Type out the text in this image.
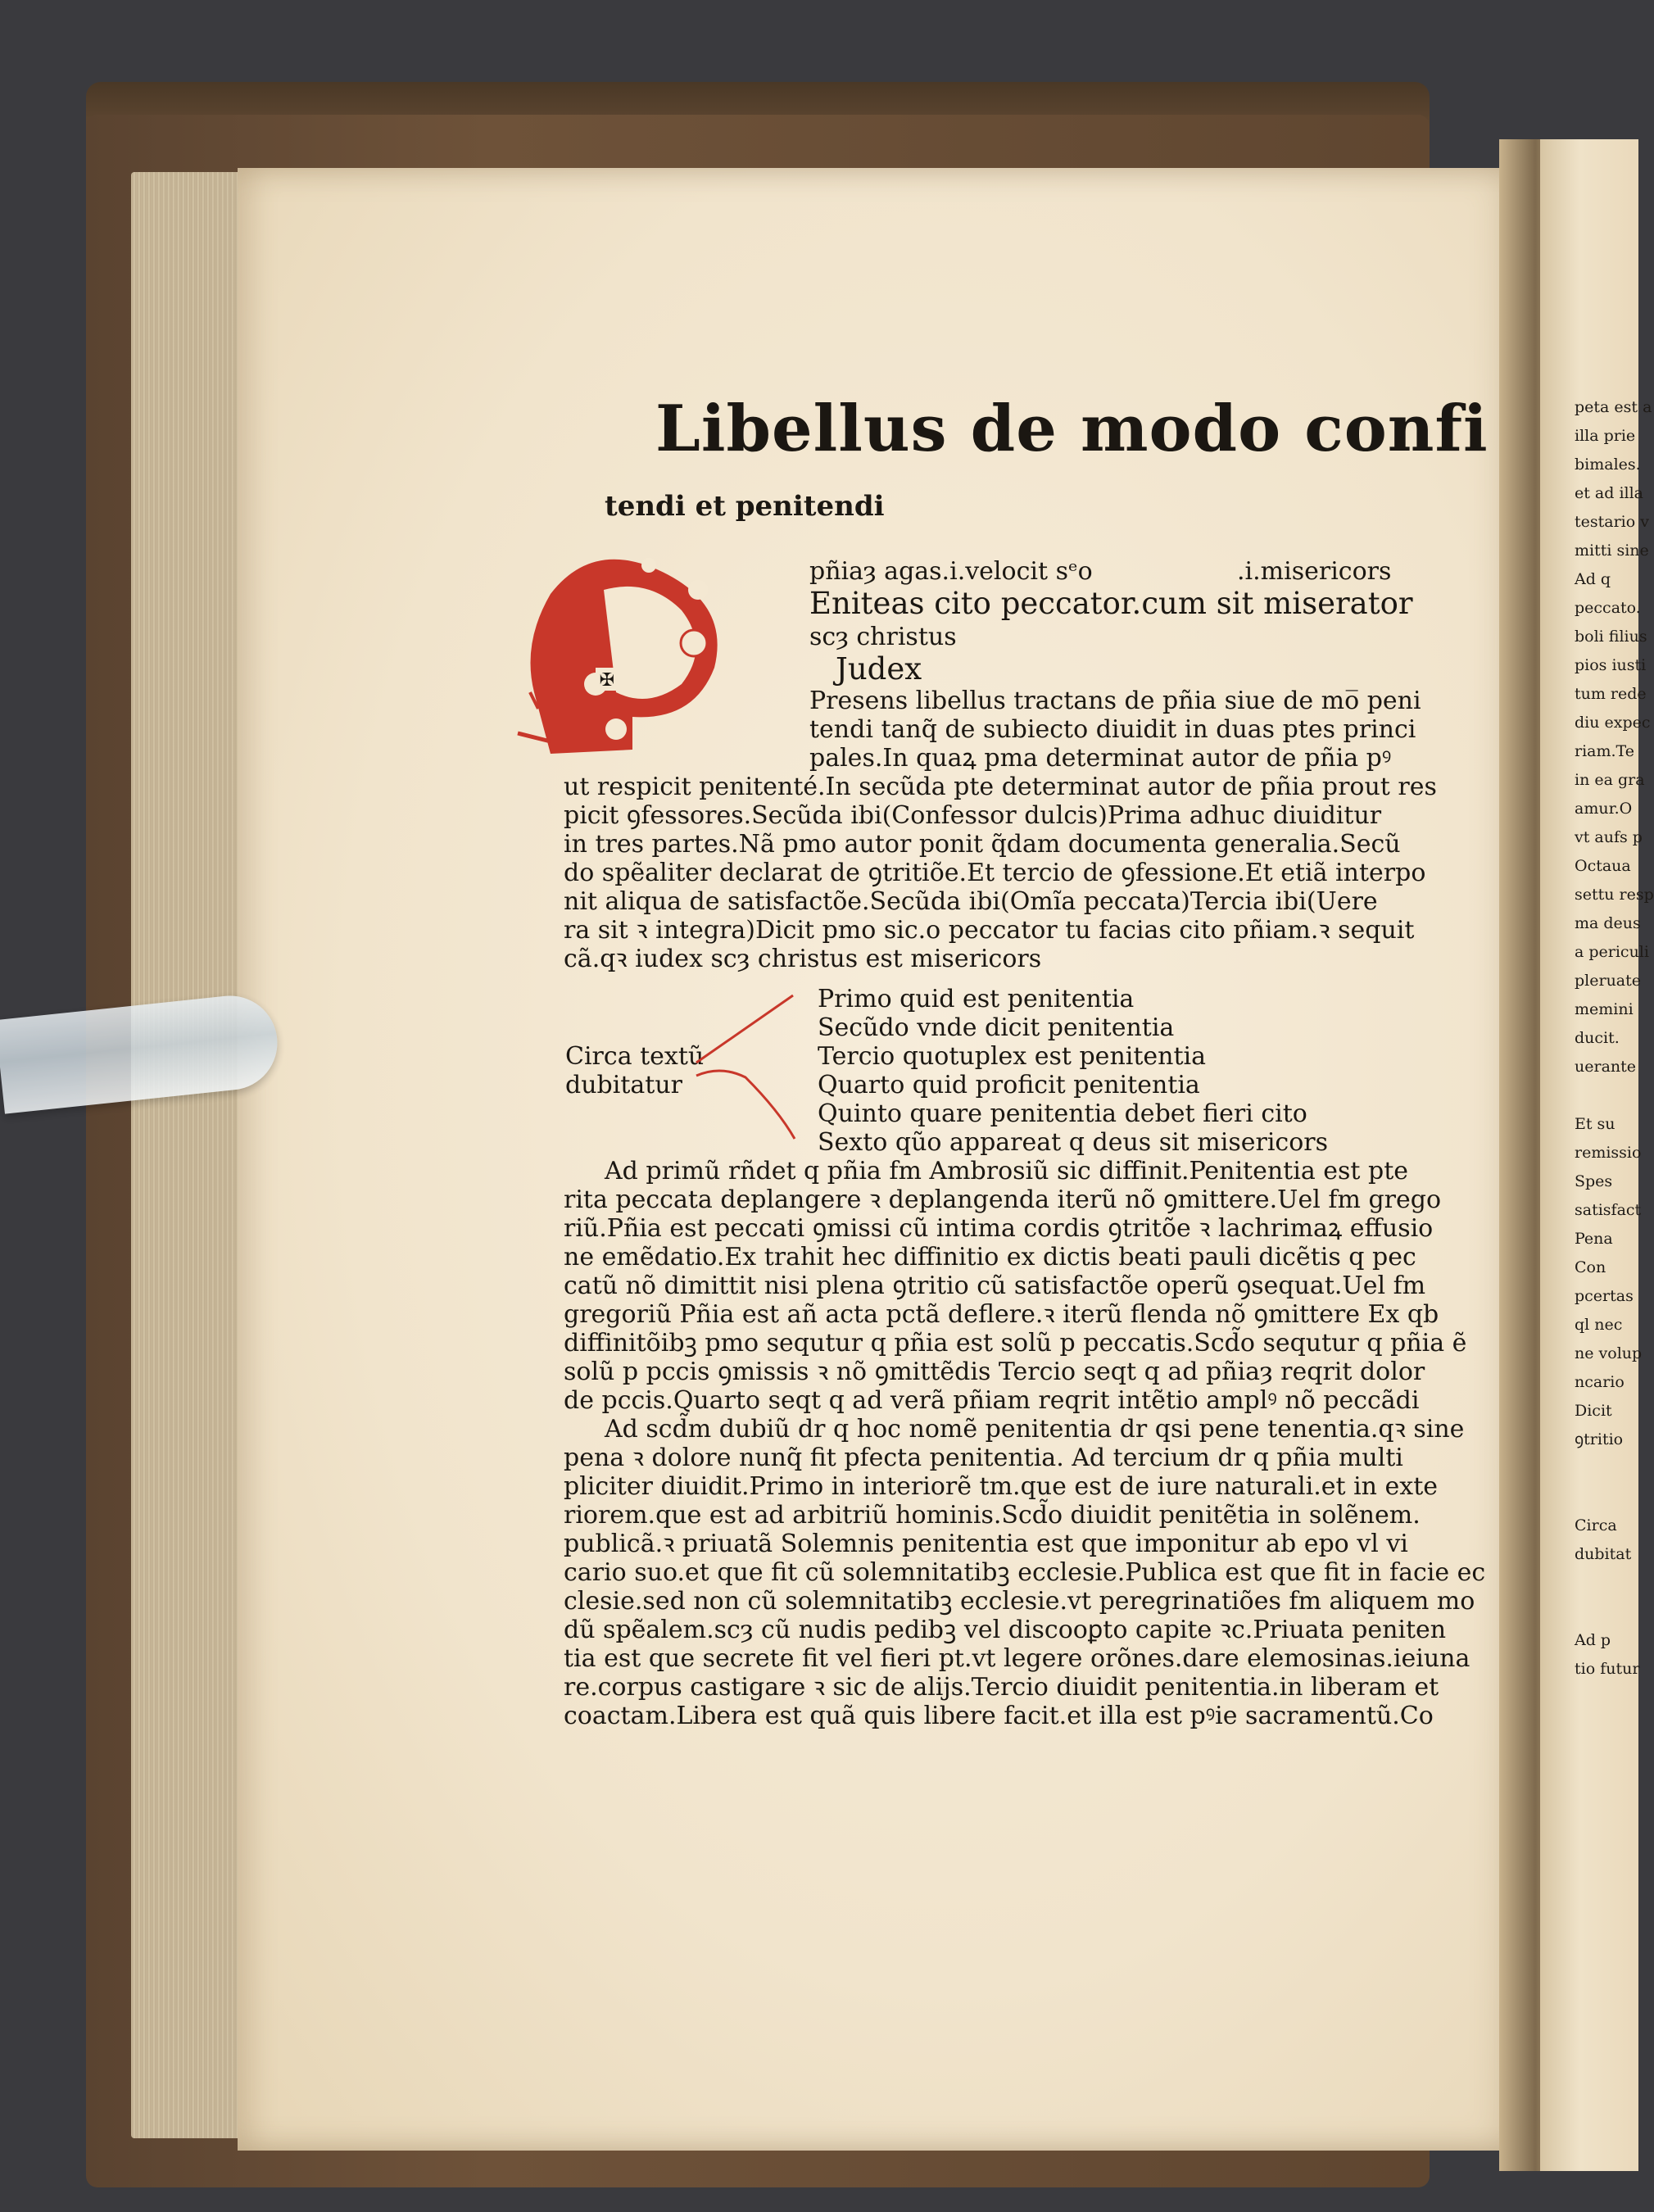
peta est a
illa prie
bimales.
et ad illa
testario v
mitti sine
Ad q
peccato.
boli filius
pios iusti
tum rede
diu expec
riam.Te
in ea gra
amur.O
vt aufs p
Octaua
settu resp
ma deus
a periculi
pleruate
memini
ducit.
uerante
Et su
remissio
Spes
satisfact
Pena
Con
pcertas
ql nec
ne volup
ncario
Dicit
ꝯtritio
Circa
dubitat
Ad p
tio futur
Libellus de modo confi
tendi et penitendi
✠
pñiaȝ agas.i.velocit sᵉo	.i.misericors
Eniteas cito peccator.cum sit miserator
scȝ christus
Judex
Presens libellus tractans de pñia siue de mo̅ peni
tendi tanq̃ de subiecto diuidit in duas ptes princi
pales.In quaꝝ pma determinat autor de pñia pꝰ
ut respicit penitenté.In secũda pte determinat autor de pñia prout res
picit ꝯfessores.Secũda ibi(Confessor dulcis)Prima adhuc diuiditur
in tres partes.Nã pmo autor ponit q̃dam documenta generalia.Secũ
do spẽaliter declarat de ꝯtritiõe.Et tercio de ꝯfessione.Et etiã interpo
nit aliqua de satisfactõe.Secũda ibi(Omĩa peccata)Tercia ibi(Uere
ra sit ꝛ integra)Dicit pmo sic.o peccator tu facias cito pñiam.ꝛ sequit
cã.qꝛ iudex scȝ christus est misericors
Circa textũ
dubitatur
Primo quid est penitentia
Secũdo vnde dicit penitentia
Tercio quotuplex est penitentia
Quarto quid proficit penitentia
Quinto quare penitentia debet fieri cito
Sexto qũo appareat q deus sit misericors
Ad primũ rñdet q pñia fm Ambrosiũ sic diffinit.Penitentia est pte
rita peccata deplangere ꝛ deplangenda iterũ nõ ꝯmittere.Uel fm grego
riũ.Pñia est peccati ꝯmissi cũ intima cordis ꝯtritõe ꝛ lachrimaꝝ effusio
ne emẽdatio.Ex trahit hec diffinitio ex dictis beati pauli dicẽtis q pec
catũ nõ dimittit nisi plena ꝯtritio cũ satisfactõe operũ ꝯsequat.Uel fm
gregoriũ Pñia est añ acta pctã deflere.ꝛ iterũ flenda nõ ꝯmittere Ex qb
diffinitõibꝫ pmo sequtur q pñia est solũ p peccatis.Scd̃o sequtur q pñia ẽ
solũ p pccis ꝯmissis ꝛ nõ ꝯmittẽdis Tercio seqt q ad pñiaȝ reqrit dolor
de pccis.Quarto seqt q ad verã pñiam reqrit intẽtio amplꝰ nõ peccãdi
Ad scd̃m dubiũ dr q hoc nomẽ penitentia dr qsi pene tenentia.qꝛ sine
pena ꝛ dolore nunq̃ fit pfecta penitentia. Ad tercium dr q pñia multi
pliciter diuidit.Primo in interiorẽ tm.que est de iure naturali.et in exte
riorem.que est ad arbitriũ hominis.Scd̃o diuidit penitẽtia in solẽnem.
publicã.ꝛ priuatã Solemnis penitentia est que imponitur ab epo vl vi
cario suo.et que fit cũ solemnitatibꝫ ecclesie.Publica est que fit in facie ec
clesie.sed non cũ solemnitatibꝫ ecclesie.vt peregrinatiões fm aliquem mo
dũ spẽalem.scȝ cũ nudis pedibꝫ vel discooꝑto capite ꝛc.Priuata peniten
tia est que secrete fit vel fieri pt.vt legere orõnes.dare elemosinas.ieiuna
re.corpus castigare ꝛ sic de alijs.Tercio diuidit penitentia.in liberam et
coactam.Libera est quã quis libere facit.et illa est pꝰie sacramentũ.Co
